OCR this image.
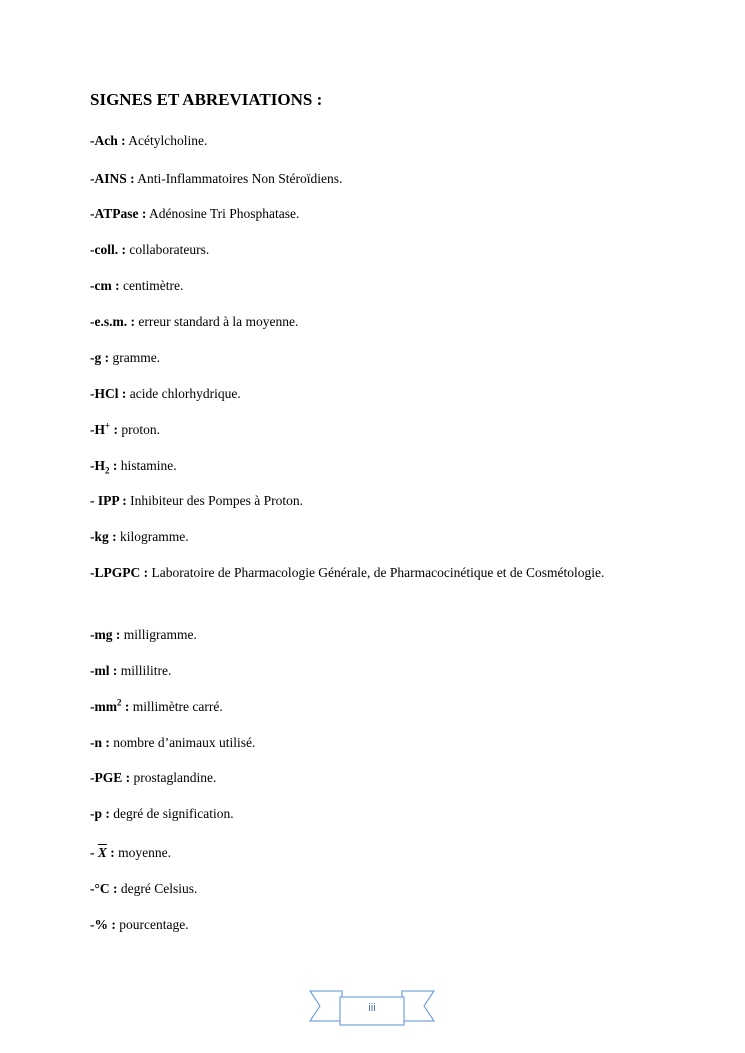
SIGNES ET ABREVIATIONS :
-Ach : Acétylcholine.
-AINS : Anti-Inflammatoires Non Stéroïdiens.
-ATPase : Adénosine Tri Phosphatase.
-coll. : collaborateurs.
-cm : centimètre.
-e.s.m. : erreur standard à la moyenne.
-g : gramme.
-HCl : acide chlorhydrique.
-H+ : proton.
$-H_2$ : histamine.
- IPP : Inhibiteur des Pompes à Proton.
-kg : kilogramme.
-LPGPC : Laboratoire de Pharmacologie Générale, de Pharmacocinétique et de Cosmétologie.
-mg : milligramme.
-ml : millilitre.
$-mm^2$ : millimètre carré.
-n : nombre d’animaux utilisé.
-PGE : prostaglandine.
-p : degré de signification.
- $\overline{X}$ : moyenne.
-°C : degré Celsius.
-% : pourcentage.
iii
